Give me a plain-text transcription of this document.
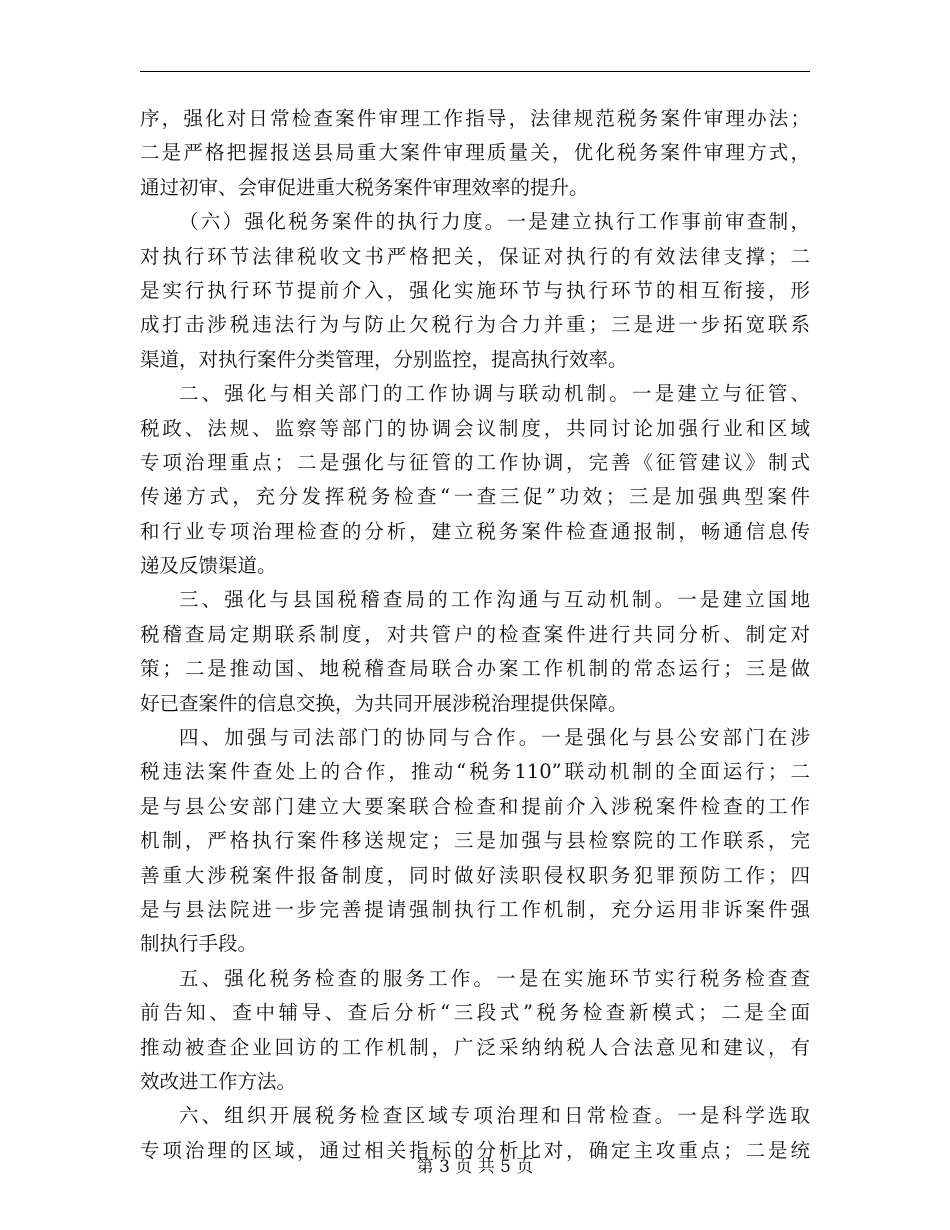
序，强化对日常检查案件审理工作指导，法律规范税务案件审理办法；
二是严格把握报送县局重大案件审理质量关，优化税务案件审理方式，
通过初审、会审促进重大税务案件审理效率的提升。
（六）强化税务案件的执行力度。一是建立执行工作事前审查制，
对执行环节法律税收文书严格把关，保证对执行的有效法律支撑；二
是实行执行环节提前介入，强化实施环节与执行环节的相互衔接，形
成打击涉税违法行为与防止欠税行为合力并重；三是进一步拓宽联系
渠道，对执行案件分类管理，分别监控，提高执行效率。
二、强化与相关部门的工作协调与联动机制。一是建立与征管、
税政、法规、监察等部门的协调会议制度，共同讨论加强行业和区域
专项治理重点；二是强化与征管的工作协调，完善《征管建议》制式
传递方式，充分发挥税务检查“一查三促”功效；三是加强典型案件
和行业专项治理检查的分析，建立税务案件检查通报制，畅通信息传
递及反馈渠道。
三、强化与县国税稽查局的工作沟通与互动机制。一是建立国地
税稽查局定期联系制度，对共管户的检查案件进行共同分析、制定对
策；二是推动国、地税稽查局联合办案工作机制的常态运行；三是做
好已查案件的信息交换，为共同开展涉税治理提供保障。
四、加强与司法部门的协同与合作。一是强化与县公安部门在涉
税违法案件查处上的合作，推动“税务110”联动机制的全面运行；二
是与县公安部门建立大要案联合检查和提前介入涉税案件检查的工作
机制，严格执行案件移送规定；三是加强与县检察院的工作联系，完
善重大涉税案件报备制度，同时做好渎职侵权职务犯罪预防工作；四
是与县法院进一步完善提请强制执行工作机制，充分运用非诉案件强
制执行手段。
五、强化税务检查的服务工作。一是在实施环节实行税务检查查
前告知、查中辅导、查后分析“三段式”税务检查新模式；二是全面
推动被查企业回访的工作机制，广泛采纳纳税人合法意见和建议，有
效改进工作方法。
六、组织开展税务检查区域专项治理和日常检查。一是科学选取
专项治理的区域，通过相关指标的分析比对，确定主攻重点；二是统
第 3 页 共 5 页
